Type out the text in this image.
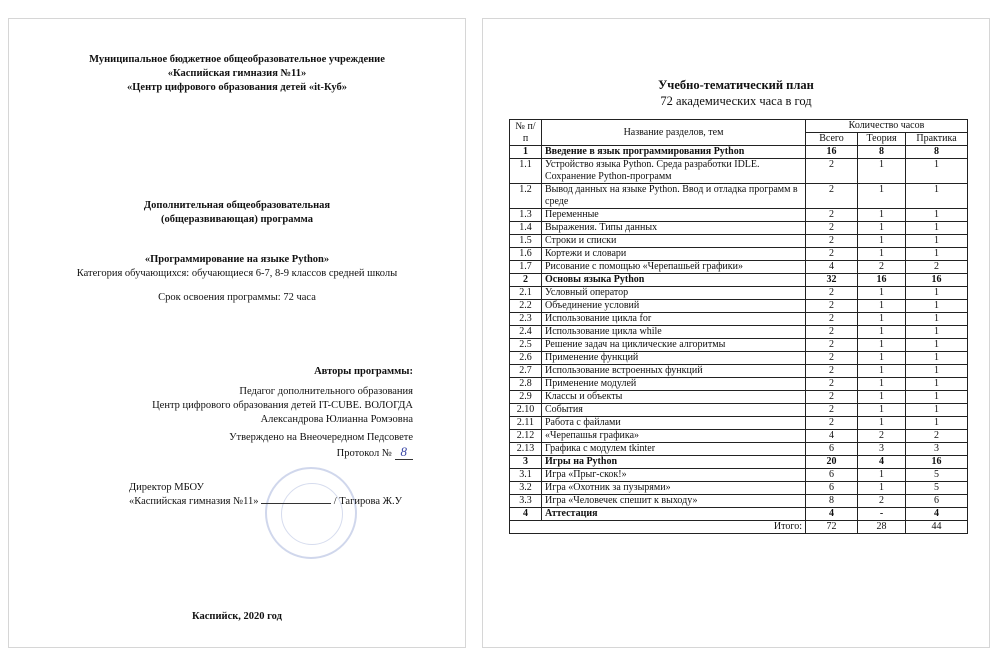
Муниципальное бюджетное общеобразовательное учреждение
«Каспийская гимназия №11»
«Центр цифрового образования детей «it-Куб»
Дополнительная общеобразовательная
(общеразвивающая) программа
«Программирование на языке Python»
Категория обучающихся: обучающиеся 6-7, 8-9 классов средней школы
Срок освоения программы: 72 часа
Авторы программы:
Педагог дополнительного образования
Центр цифрового образования детей IT-CUBE. ВОЛОГДА
Александрова Юлианна Ромэовна
Утверждено на Внеочередном Педсовете
Протокол № 8
Директор МБОУ
«Каспийская гимназия №11»	/ Тагирова Ж.У
Каспийск, 2020 год
Учебно-тематический план
72 академических часа в год
№ п/п	Название разделов, тем	Количество часов		
		Всего	Теория	Практика
1	Введение в язык программирования Python	16	8	8
1.1	Устройство языка Python. Среда разработки IDLE. Сохранение Python-программ	2	1	1
1.2	Вывод данных на языке Python. Ввод и отладка программ в среде	2	1	1
1.3	Переменные	2	1	1
1.4	Выражения. Типы данных	2	1	1
1.5	Строки и списки	2	1	1
1.6	Кортежи и словари	2	1	1
1.7	Рисование с помощью «Черепашьей графики»	4	2	2
2	Основы языка Python	32	16	16
2.1	Условный оператор	2	1	1
2.2	Объединение условий	2	1	1
2.3	Использование цикла for	2	1	1
2.4	Использование цикла while	2	1	1
2.5	Решение задач на циклические алгоритмы	2	1	1
2.6	Применение функций	2	1	1
2.7	Использование встроенных функций	2	1	1
2.8	Применение модулей	2	1	1
2.9	Классы и объекты	2	1	1
2.10	События	2	1	1
2.11	Работа с файлами	2	1	1
2.12	«Черепашья графика»	4	2	2
2.13	Графика с модулем tkinter	6	3	3
3	Игры на Python	20	4	16
3.1	Игра «Прыг-скок!»	6	1	5
3.2	Игра «Охотник за пузырями»	6	1	5
3.3	Игра «Человечек спешит к выходу»	8	2	6
4	Аттестация	4	-	4
Итого:		72	28	44
